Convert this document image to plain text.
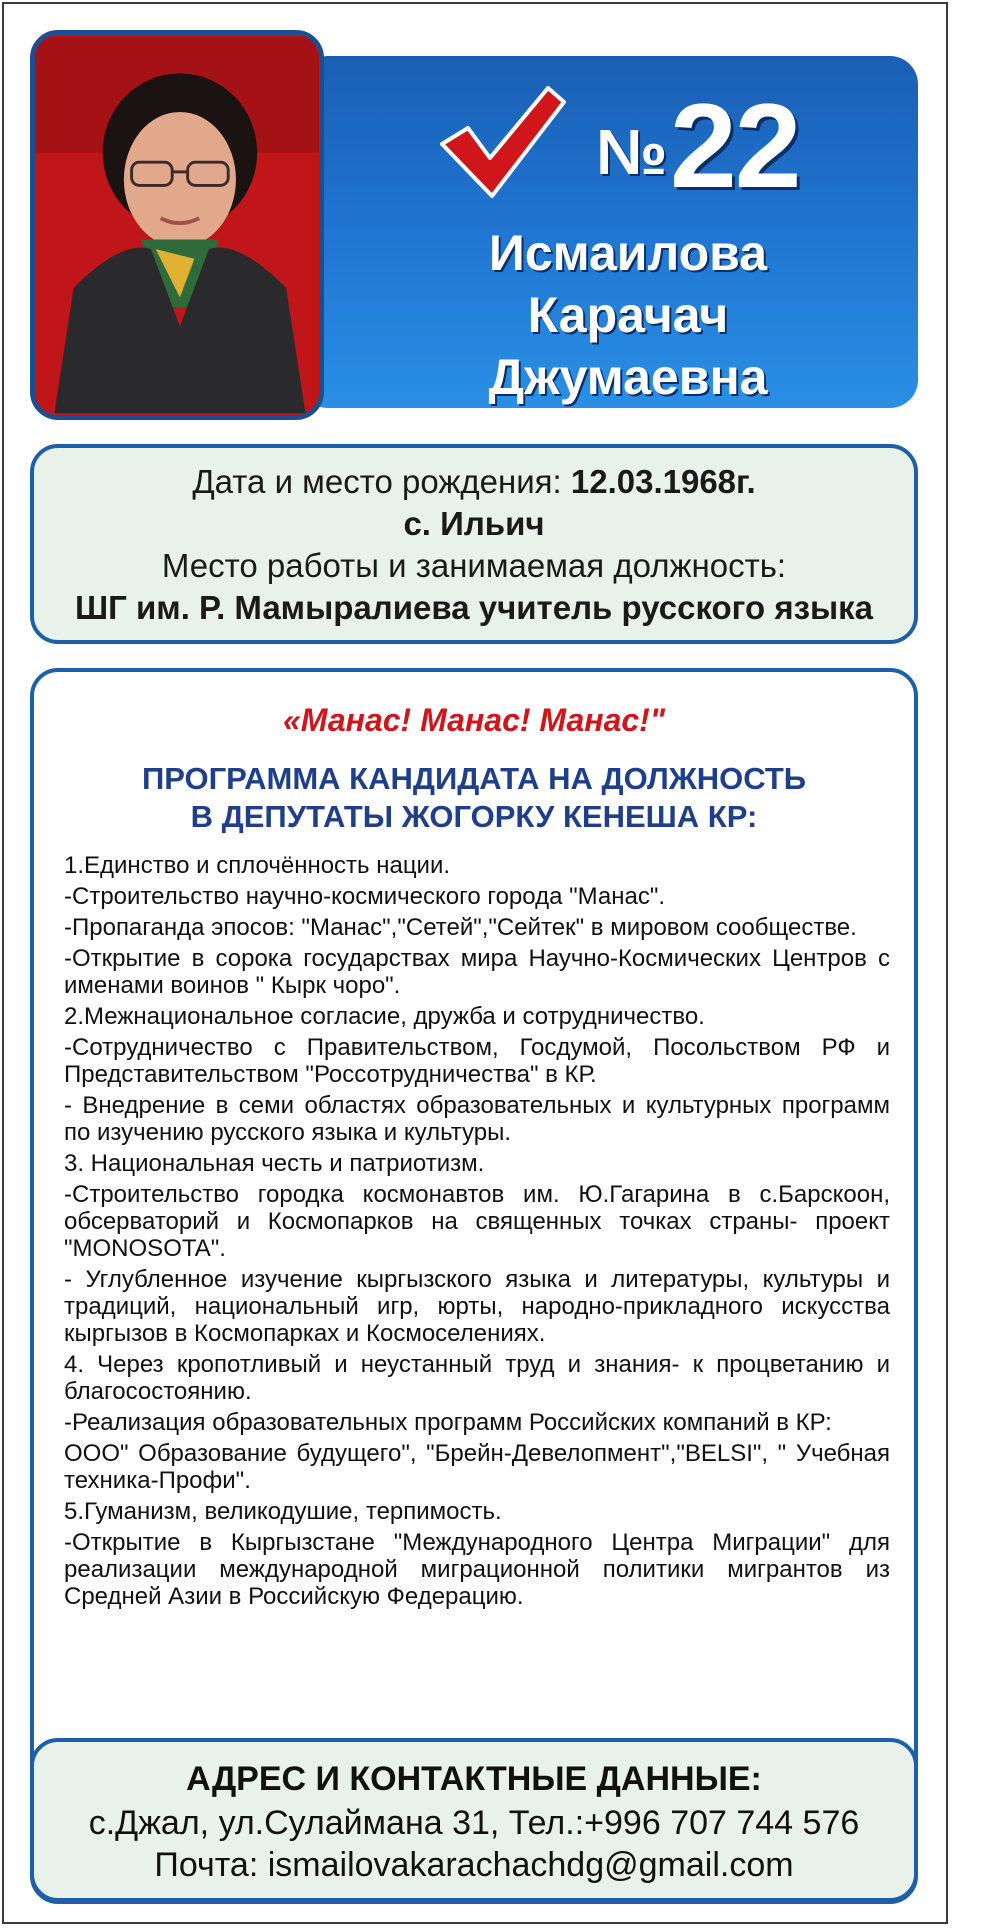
№ 22
Исмаилова
Карачач
Джумаевна
Дата и место рождения: 12.03.1968г.
с. Ильич
Место работы и занимаемая должность:
ШГ им. Р. Мамыралиева учитель русского языка
«Манас! Манас! Манас!"
ПРОГРАММА КАНДИДАТА НА ДОЛЖНОСТЬ
В ДЕПУТАТЫ ЖОГОРКУ КЕНЕША КР:
1.Единство и сплочённость нации.
-Строительство научно-космического города "Манас".
-Пропаганда эпосов: "Манас","Сетей","Сейтек" в мировом сообществе.
-Открытие в сорока государствах мира Научно-Космических Центров с именами воинов " Кырк чоро".
2.Межнациональное согласие, дружба и сотрудничество.
-Сотрудничество с Правительством, Госдумой, Посольством РФ и Представительством "Россотрудничества" в КР.
- Внедрение в семи областях образовательных и культурных программ по изучению русского языка и культуры.
3. Национальная честь и патриотизм.
-Строительство городка космонавтов им. Ю.Гагарина в с.Барскоон, обсерваторий и Космопарков на священных точках страны- проект "MONOSOTA".
- Углубленное изучение кыргызского языка и литературы, культуры и традиций, национальный игр, юрты, народно-прикладного искусства кыргызов в Космопарках и Космоселениях.
4. Через кропотливый и неустанный труд и знания- к процветанию и благосостоянию.
-Реализация образовательных программ Российских компаний в КР:
ООО" Образование будущего", "Брейн-Девелопмент","BELSI", " Учебная техника-Профи".
5.Гуманизм, великодушие, терпимость.
-Открытие в Кыргызстане "Международного Центра Миграции" для реализации международной миграционной политики мигрантов из Средней Азии в Российскую Федерацию.
АДРЕС И КОНТАКТНЫЕ ДАННЫЕ:
с.Джал, ул.Сулаймана 31, Тел.:+996 707 744 576
Почта: ismailovakarachachdg@gmail.com
